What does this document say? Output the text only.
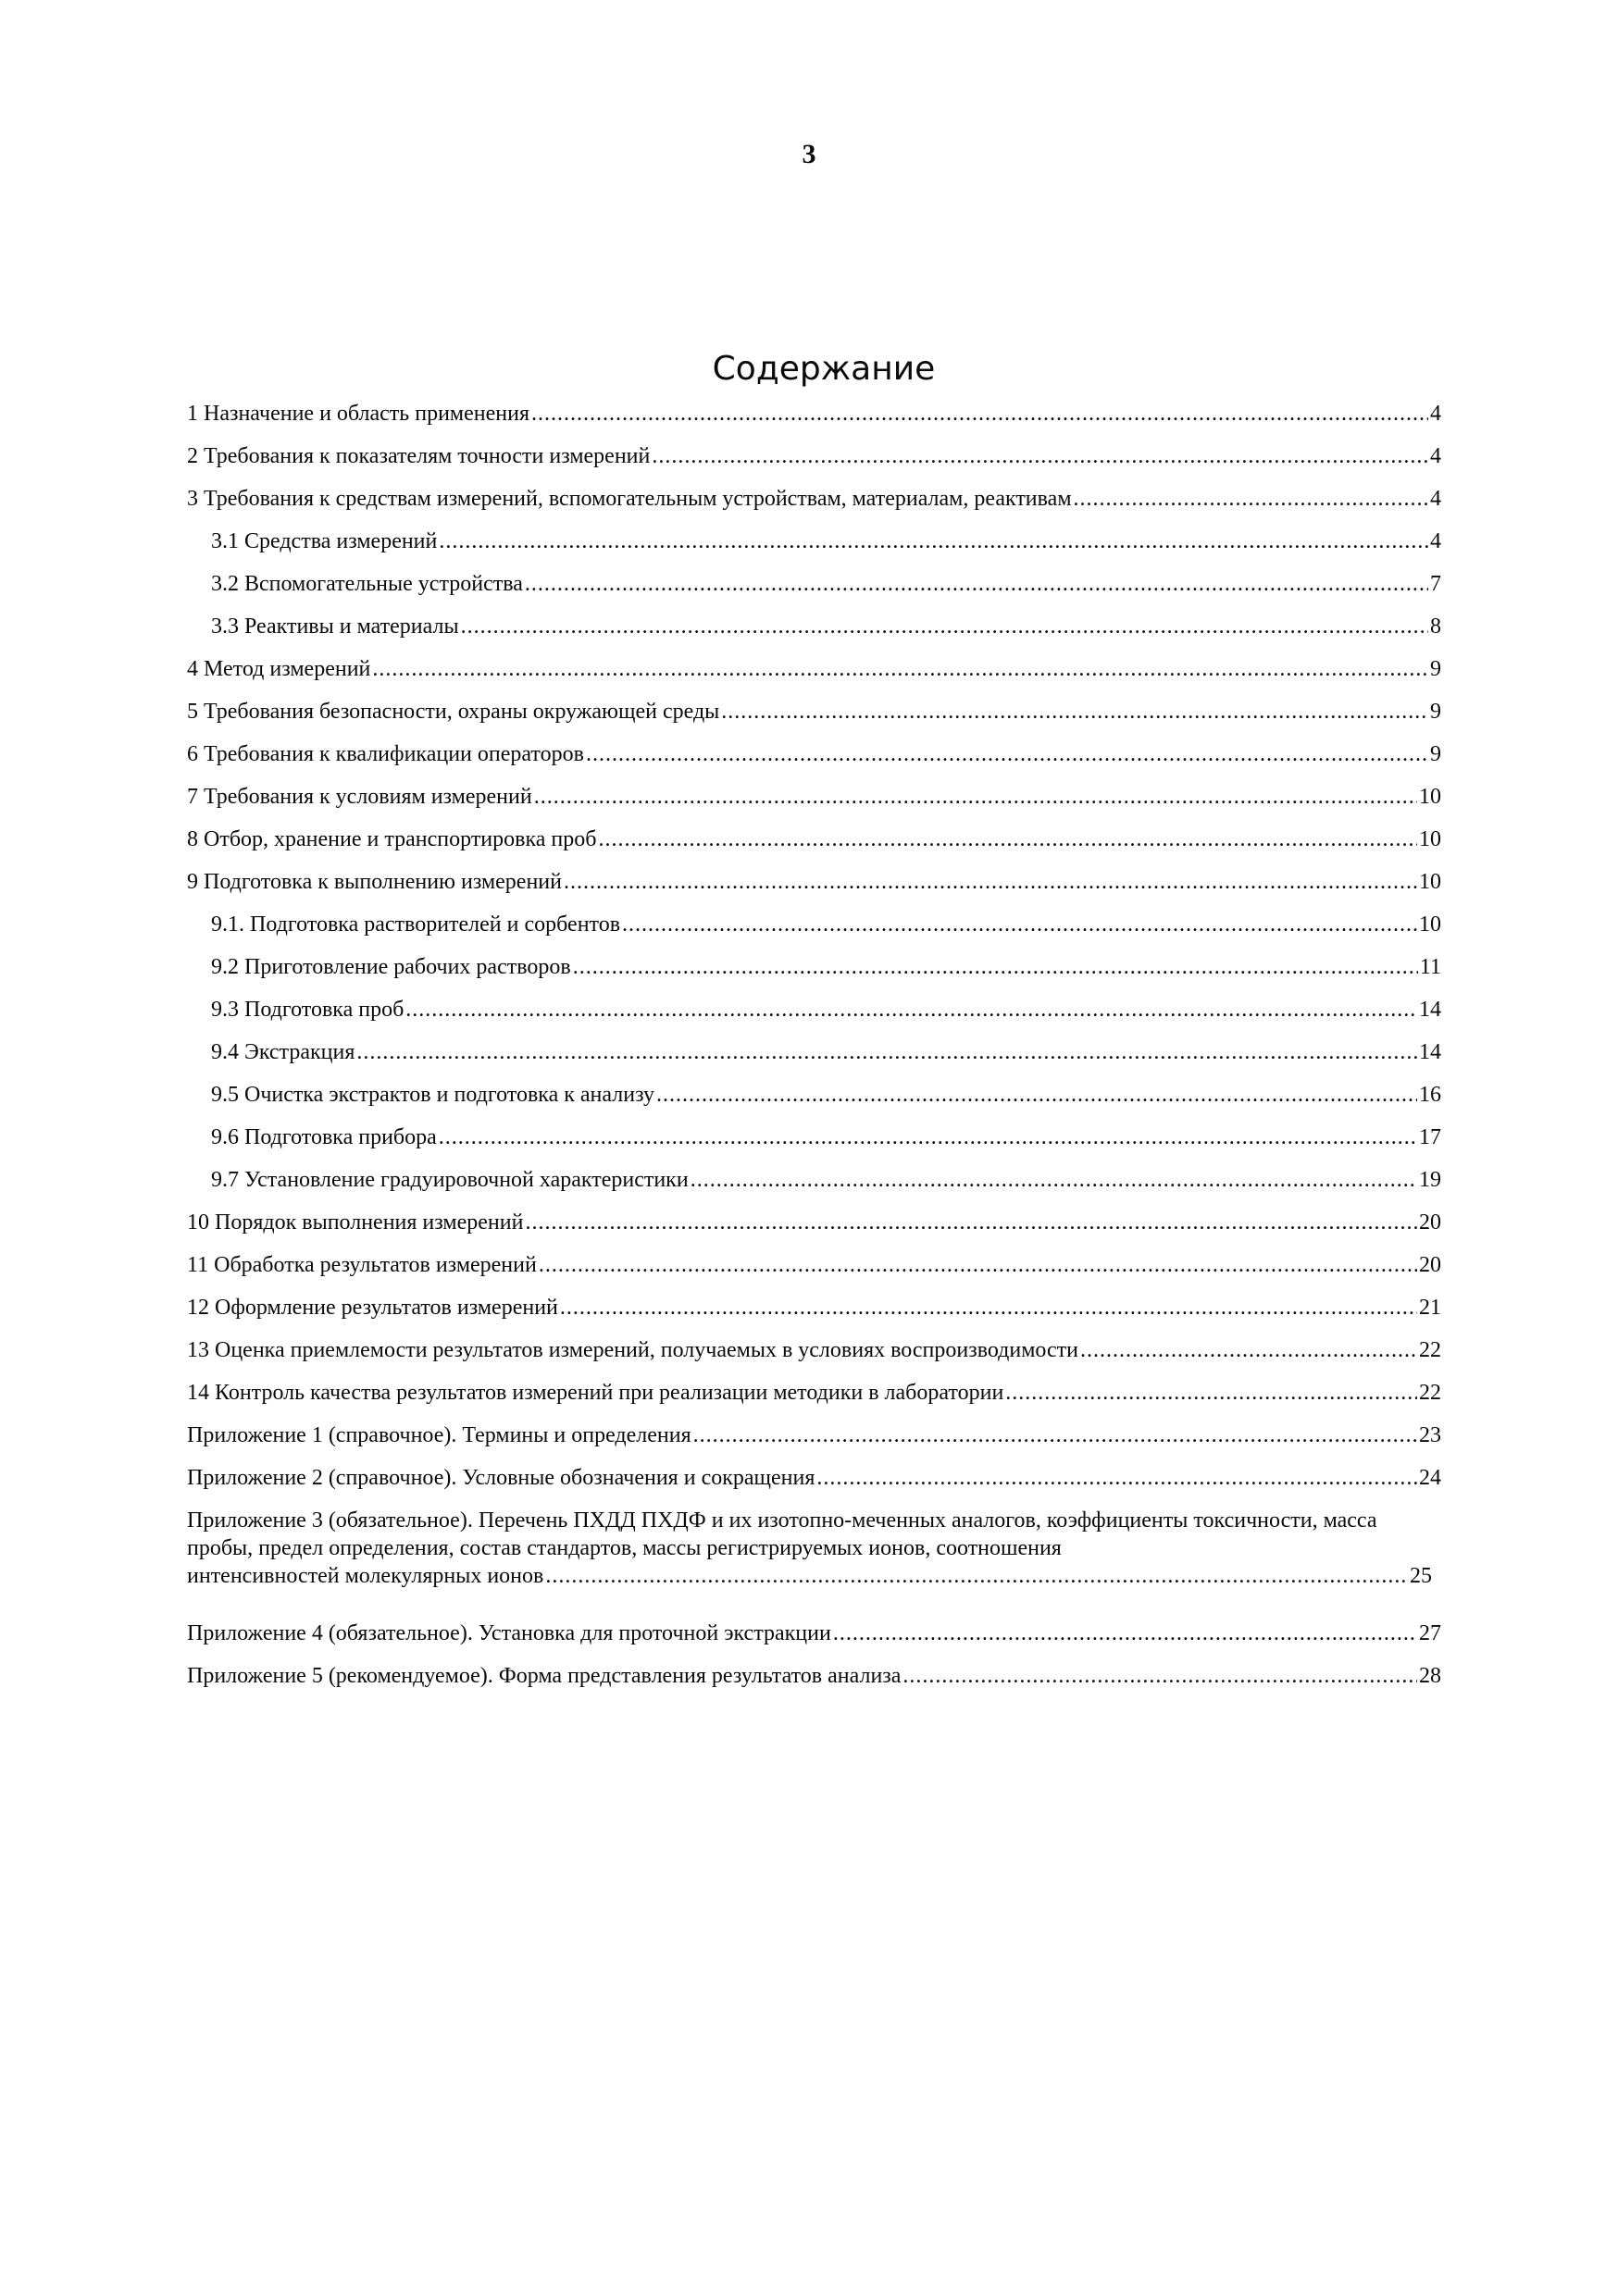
3
Содержание
1 Назначение и область применения .....	4
2 Требования к показателям точности измерений .....	4
3 Требования к средствам измерений, вспомогательным устройствам, материалам, реактивам .....	4
3.1 Средства измерений .....	4
3.2 Вспомогательные устройства .....	7
3.3 Реактивы и материалы .....	8
4 Метод измерений .....	9
5 Требования безопасности, охраны окружающей среды .....	9
6 Требования к квалификации операторов .....	9
7 Требования к условиям измерений .....	10
8 Отбор, хранение и транспортировка проб .....	10
9 Подготовка к выполнению измерений .....	10
9.1. Подготовка растворителей и сорбентов .....	10
9.2 Приготовление рабочих растворов .....	11
9.3 Подготовка проб .....	14
9.4 Экстракция .....	14
9.5 Очистка экстрактов и подготовка к анализу .....	16
9.6 Подготовка прибора .....	17
9.7 Установление градуировочной характеристики .....	19
10 Порядок выполнения измерений .....	20
11 Обработка результатов измерений .....	20
12 Оформление результатов измерений .....	21
13 Оценка приемлемости результатов измерений, получаемых в условиях воспроизводимости .....	22
14 Контроль качества результатов измерений при реализации методики в лаборатории .....	22
Приложение 1 (справочное). Термины и определения .....	23
Приложение 2 (справочное). Условные обозначения и сокращения .....	24
Приложение 3 (обязательное). Перечень ПХДД ПХДФ и их изотопно-меченных аналогов, коэффициенты токсичности, масса пробы, предел определения, состав стандартов, массы регистрируемых ионов, соотношения
интенсивностей молекулярных ионов .....	25
Приложение 4 (обязательное). Установка для проточной экстракции .....	27
Приложение 5 (рекомендуемое). Форма представления результатов анализа .....	28
